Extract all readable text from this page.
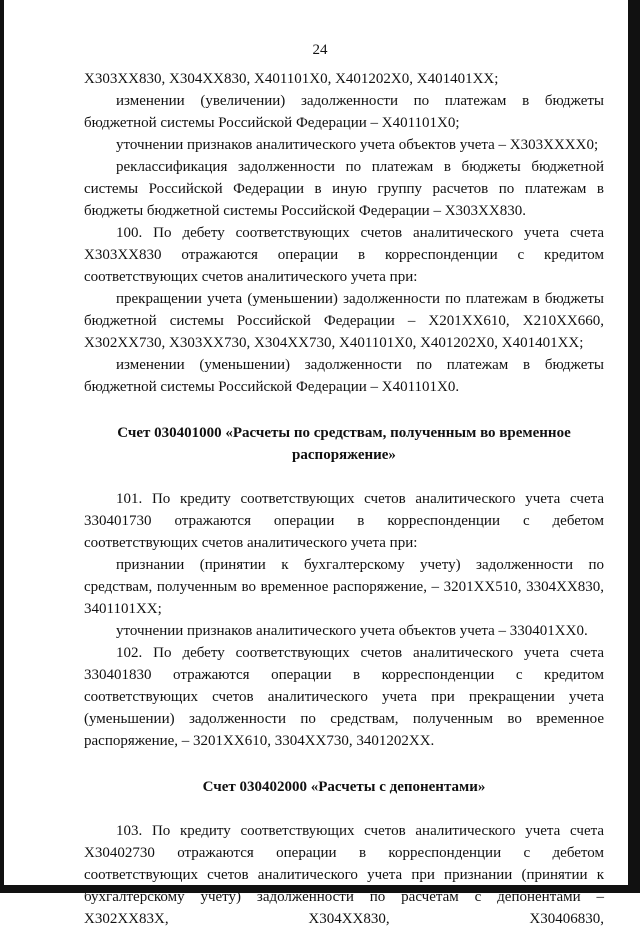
24

X303XX830, X304XX830, X401101X0, X401202X0, X401401XX;

изменении (увеличении) задолженности по платежам в бюджеты бюджетной системы Российской Федерации – X401101X0;

уточнении признаков аналитического учета объектов учета – X303XXXX0;

реклассификация задолженности по платежам в бюджеты бюджетной системы Российской Федерации в иную группу расчетов по платежам в бюджеты бюджетной системы Российской Федерации – X303XX830.

100. По дебету соответствующих счетов аналитического учета счета X303XX830 отражаются операции в корреспонденции с кредитом соответствующих счетов аналитического учета при:

прекращении учета (уменьшении) задолженности по платежам в бюджеты бюджетной системы Российской Федерации – X201XX610, X210XX660, X302XX730, X303XX730, X304XX730, X401101X0, X401202X0, X401401XX;

изменении (уменьшении) задолженности по платежам в бюджеты бюджетной системы Российской Федерации – X401101X0.

Счет 030401000 «Расчеты по средствам, полученным во временное распоряжение»

101. По кредиту соответствующих счетов аналитического учета счета 330401730 отражаются операции в корреспонденции с дебетом соответствующих счетов аналитического учета при:

признании (принятии к бухгалтерскому учету) задолженности по средствам, полученным во временное распоряжение, – 3201XX510, 3304XX830, 3401101XX;

уточнении признаков аналитического учета объектов учета – 330401XX0.

102. По дебету соответствующих счетов аналитического учета счета 330401830 отражаются операции в корреспонденции с кредитом соответствующих счетов аналитического учета при прекращении учета (уменьшении) задолженности по средствам, полученным во временное распоряжение, – 3201XX610, 3304XX730, 3401202XX.

Счет 030402000 «Расчеты с депонентами»

103. По кредиту соответствующих счетов аналитического учета счета X30402730 отражаются операции в корреспонденции с дебетом соответствующих счетов аналитического учета при признании (принятии к бухгалтерскому учету) задолженности по расчетам с депонентами – X302XX83X, X304XX830, X30406830,
